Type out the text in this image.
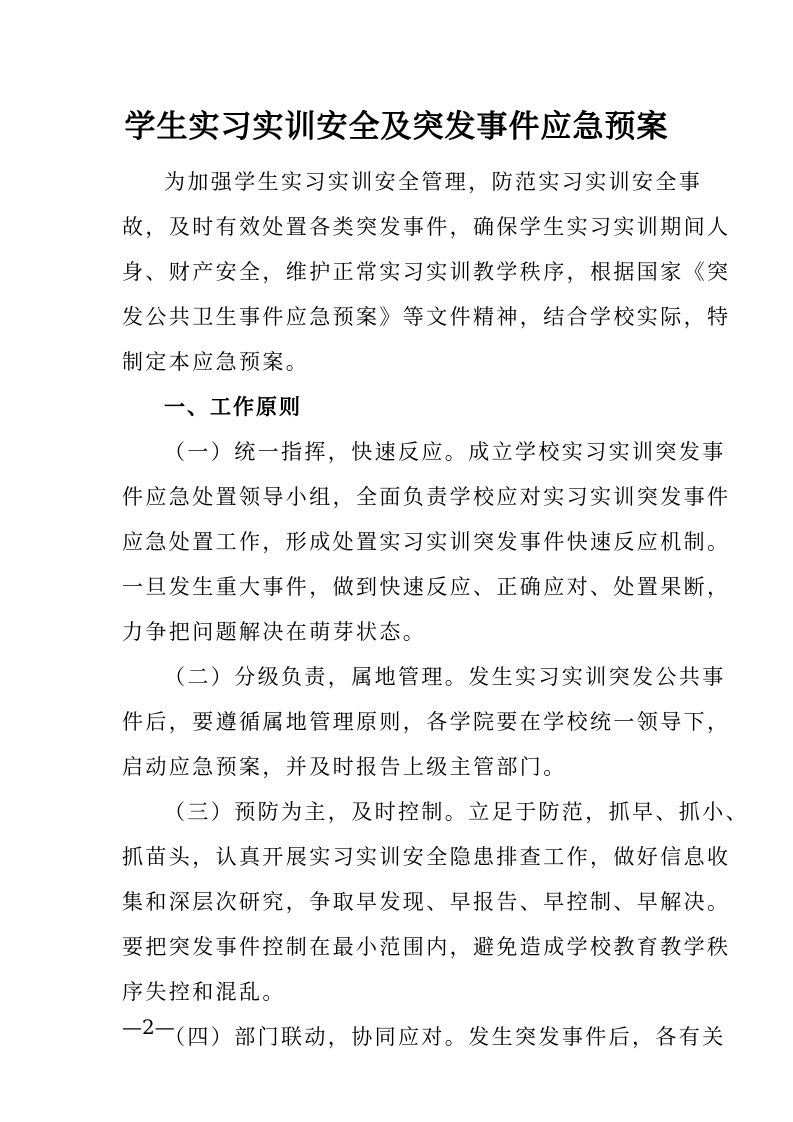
学生实习实训安全及突发事件应急预案
为加强学生实习实训安全管理，防范实习实训安全事
故，及时有效处置各类突发事件，确保学生实习实训期间人
身、财产安全，维护正常实习实训教学秩序，根据国家《突
发公共卫生事件应急预案》等文件精神，结合学校实际，特
制定本应急预案。
一、工作原则
（一）统一指挥，快速反应。成立学校实习实训突发事
件应急处置领导小组，全面负责学校应对实习实训突发事件
应急处置工作，形成处置实习实训突发事件快速反应机制。
一旦发生重大事件，做到快速反应、正确应对、处置果断，
力争把问题解决在萌芽状态。
（二）分级负责，属地管理。发生实习实训突发公共事
件后，要遵循属地管理原则，各学院要在学校统一领导下，
启动应急预案，并及时报告上级主管部门。
（三）预防为主，及时控制。立足于防范，抓早、抓小、
抓苗头，认真开展实习实训安全隐患排查工作，做好信息收
集和深层次研究，争取早发现、早报告、早控制、早解决。
要把突发事件控制在最小范围内，避免造成学校教育教学秩
序失控和混乱。
（四）部门联动，协同应对。发生突发事件后，各有关
—2—
